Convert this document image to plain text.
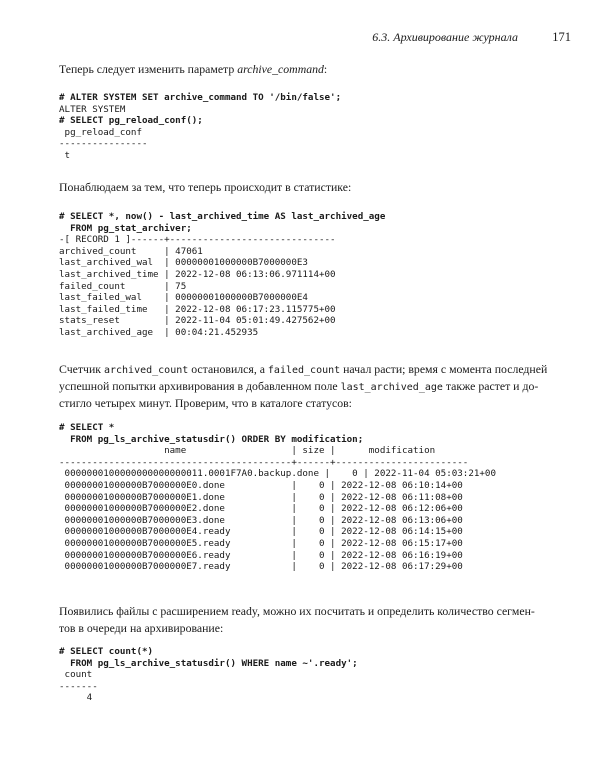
6.3. Архивирование журнала	171
Теперь следует изменить параметр archive_command:
# ALTER SYSTEM SET archive_command TO '/bin/false';
ALTER SYSTEM
# SELECT pg_reload_conf();
pg_reload_conf
----------------
t
Понаблюдаем за тем, что теперь происходит в статистике:
# SELECT *, now() - last_archived_time AS last_archived_age
FROM pg_stat_archiver;
-[ RECORD 1 ]------+------------------------------
archived_count     | 47061
last_archived_wal  | 00000001000000B7000000E3
last_archived_time | 2022-12-08 06:13:06.971114+00
failed_count       | 75
last_failed_wal    | 00000001000000B7000000E4
last_failed_time   | 2022-12-08 06:17:23.115775+00
stats_reset        | 2022-11-04 05:01:49.427562+00
last_archived_age  | 00:04:21.452935
Счетчик archived_count остановился, а failed_count начал расти; время с момента последней
успешной попытки архивирования в добавленном поле last_archived_age также растет и до-
стигло четырех минут. Проверим, что в каталоге статусов:
# SELECT *
FROM pg_ls_archive_statusdir() ORDER BY modification;
name                   | size |      modification
------------------------------------------+------+------------------------
0000000100000000000000011.0001F7A0.backup.done |    0 | 2022-11-04 05:03:21+00
00000001000000B7000000E0.done            |    0 | 2022-12-08 06:10:14+00
00000001000000B7000000E1.done            |    0 | 2022-12-08 06:11:08+00
00000001000000B7000000E2.done            |    0 | 2022-12-08 06:12:06+00
00000001000000B7000000E3.done            |    0 | 2022-12-08 06:13:06+00
00000001000000B7000000E4.ready           |    0 | 2022-12-08 06:14:15+00
00000001000000B7000000E5.ready           |    0 | 2022-12-08 06:15:17+00
00000001000000B7000000E6.ready           |    0 | 2022-12-08 06:16:19+00
00000001000000B7000000E7.ready           |    0 | 2022-12-08 06:17:29+00
Появились файлы с расширением ready, можно их посчитать и определить количество сегмен-
тов в очереди на архивирование:
# SELECT count(*)
FROM pg_ls_archive_statusdir() WHERE name ~'.ready';
count
-------
4
